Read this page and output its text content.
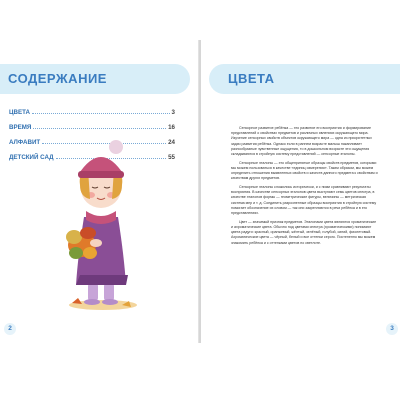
СОДЕРЖАНИЕ
ЦВЕТА	3
ВРЕМЯ	16
АЛФАВИТ	24
ДЕТСКИЙ САД	55
2
ЦВЕТА

Сенсорное развитие ребёнка — это развитие его восприятия и формирование представлений о свойствах предметов и различных явлениях окружающего мира. Изучение сенсорных свойств объектов окружающего мира — одна из приоритетных задач развития ребёнка. Однако если в раннем возрасте малыш накапливает разнообразные чувственные ощущения, то в дошкольном возрасте эти ощущения складываются в стройную систему представлений — сенсорные эталоны.

Сенсорные эталоны — это общепринятые образцы свойств предметов, которыми мы можем пользоваться в качестве «единиц измерения». Таким образом, мы можем определить отношения выявленных свойств и качеств данного предмета к свойствам и качествам других предметов.

Сенсорные эталоны сложились исторически, и с ними сравнивают результаты восприятия. В качестве сенсорных эталонов цвета выступают семь цветов спектра, в качестве эталонов формы — геометрические фигуры, величины — метрическая система мер и т. д. Соединить разрозненные образцы восприятия в стройную систему помогает обозначение их словом — так они закрепляются в речи ребёнка и в его представлениях.

Цвет — значимый признак предметов. Эталонами цвета являются хроматические и ахроматические цвета. Обычно под цветами спектра (хроматическими) понимают цвета радуги: красный, оранжевый, жёлтый, зелёный, голубой, синий, фиолетовый. Ахроматические цвета — чёрный, белый и все оттенки серого. Постепенно мы можем знакомить ребёнка и с оттенками цветов по светлоте.

3
